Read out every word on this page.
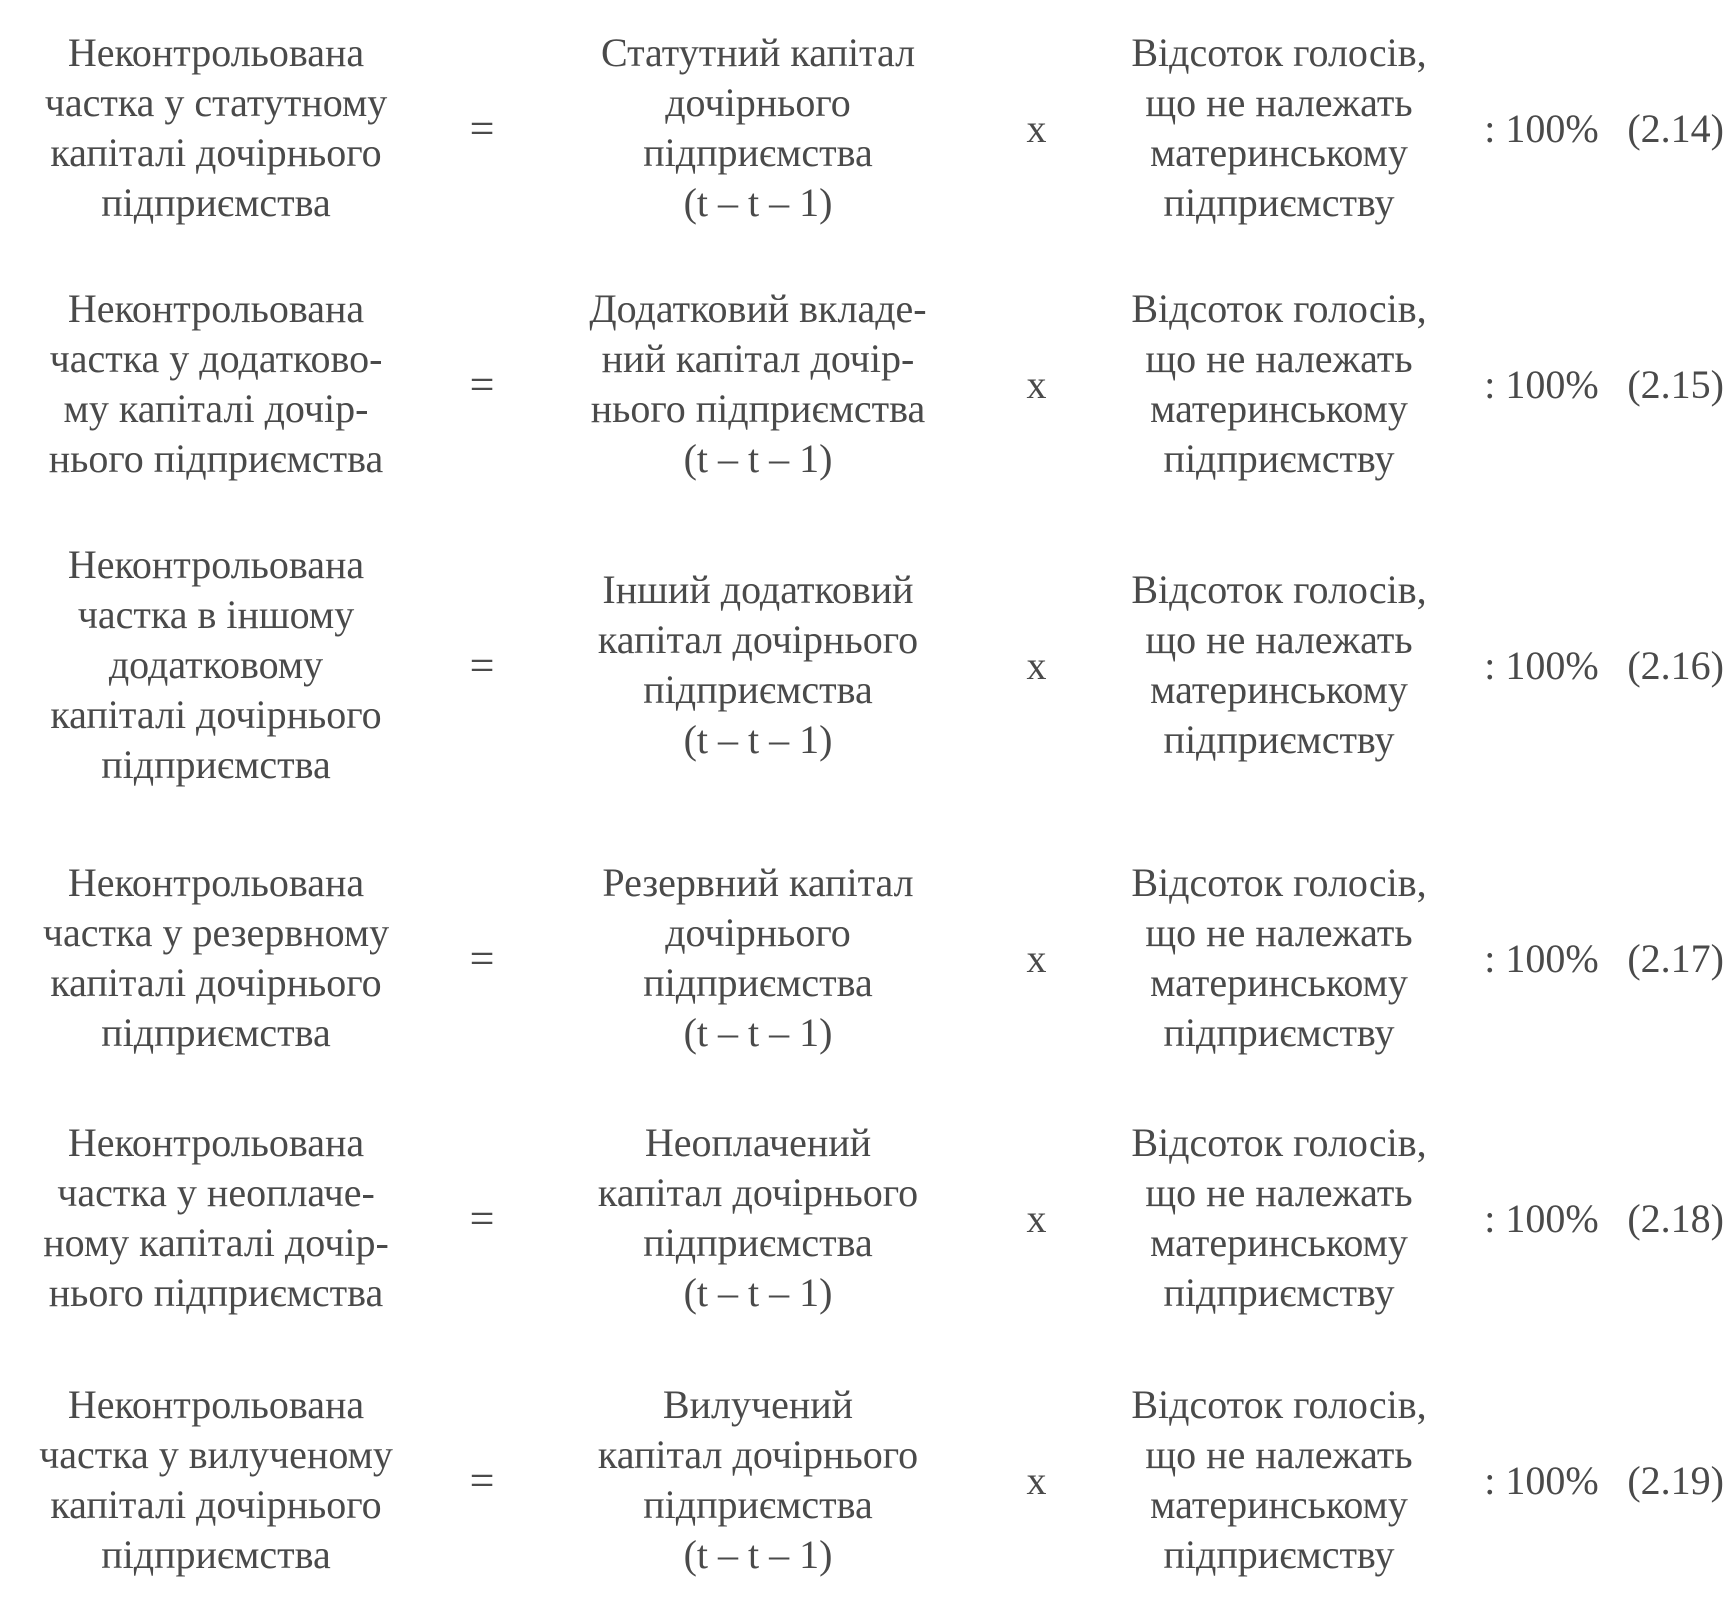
Неконтрольована
частка у статутному
капіталі дочірнього
підприємства
=
Статутний капітал
дочірнього
підприємства
(t – t – 1)
х
Відсоток голосів,
що не належать
материнському
підприємству
: 100% (2.14)
Неконтрольована
частка у додатково-
му капіталі дочір-
нього підприємства
=
Додатковий вкладе-
ний капітал дочір-
нього підприємства
(t – t – 1)
х
Відсоток голосів,
що не належать
материнському
підприємству
: 100% (2.15)
Неконтрольована
частка в іншому
додатковому
капіталі дочірнього
підприємства
=
Інший додатковий
капітал дочірнього
підприємства
(t – t – 1)
х
Відсоток голосів,
що не належать
материнському
підприємству
: 100% (2.16)
Неконтрольована
частка у резервному
капіталі дочірнього
підприємства
=
Резервний капітал
дочірнього
підприємства
(t – t – 1)
х
Відсоток голосів,
що не належать
материнському
підприємству
: 100% (2.17)
Неконтрольована
частка у неоплаче-
ному капіталі дочір-
нього підприємства
=
Неоплачений
капітал дочірнього
підприємства
(t – t – 1)
х
Відсоток голосів,
що не належать
материнському
підприємству
: 100% (2.18)
Неконтрольована
частка у вилученому
капіталі дочірнього
підприємства
=
Вилучений
капітал дочірнього
підприємства
(t – t – 1)
х
Відсоток голосів,
що не належать
материнському
підприємству
: 100% (2.19)
